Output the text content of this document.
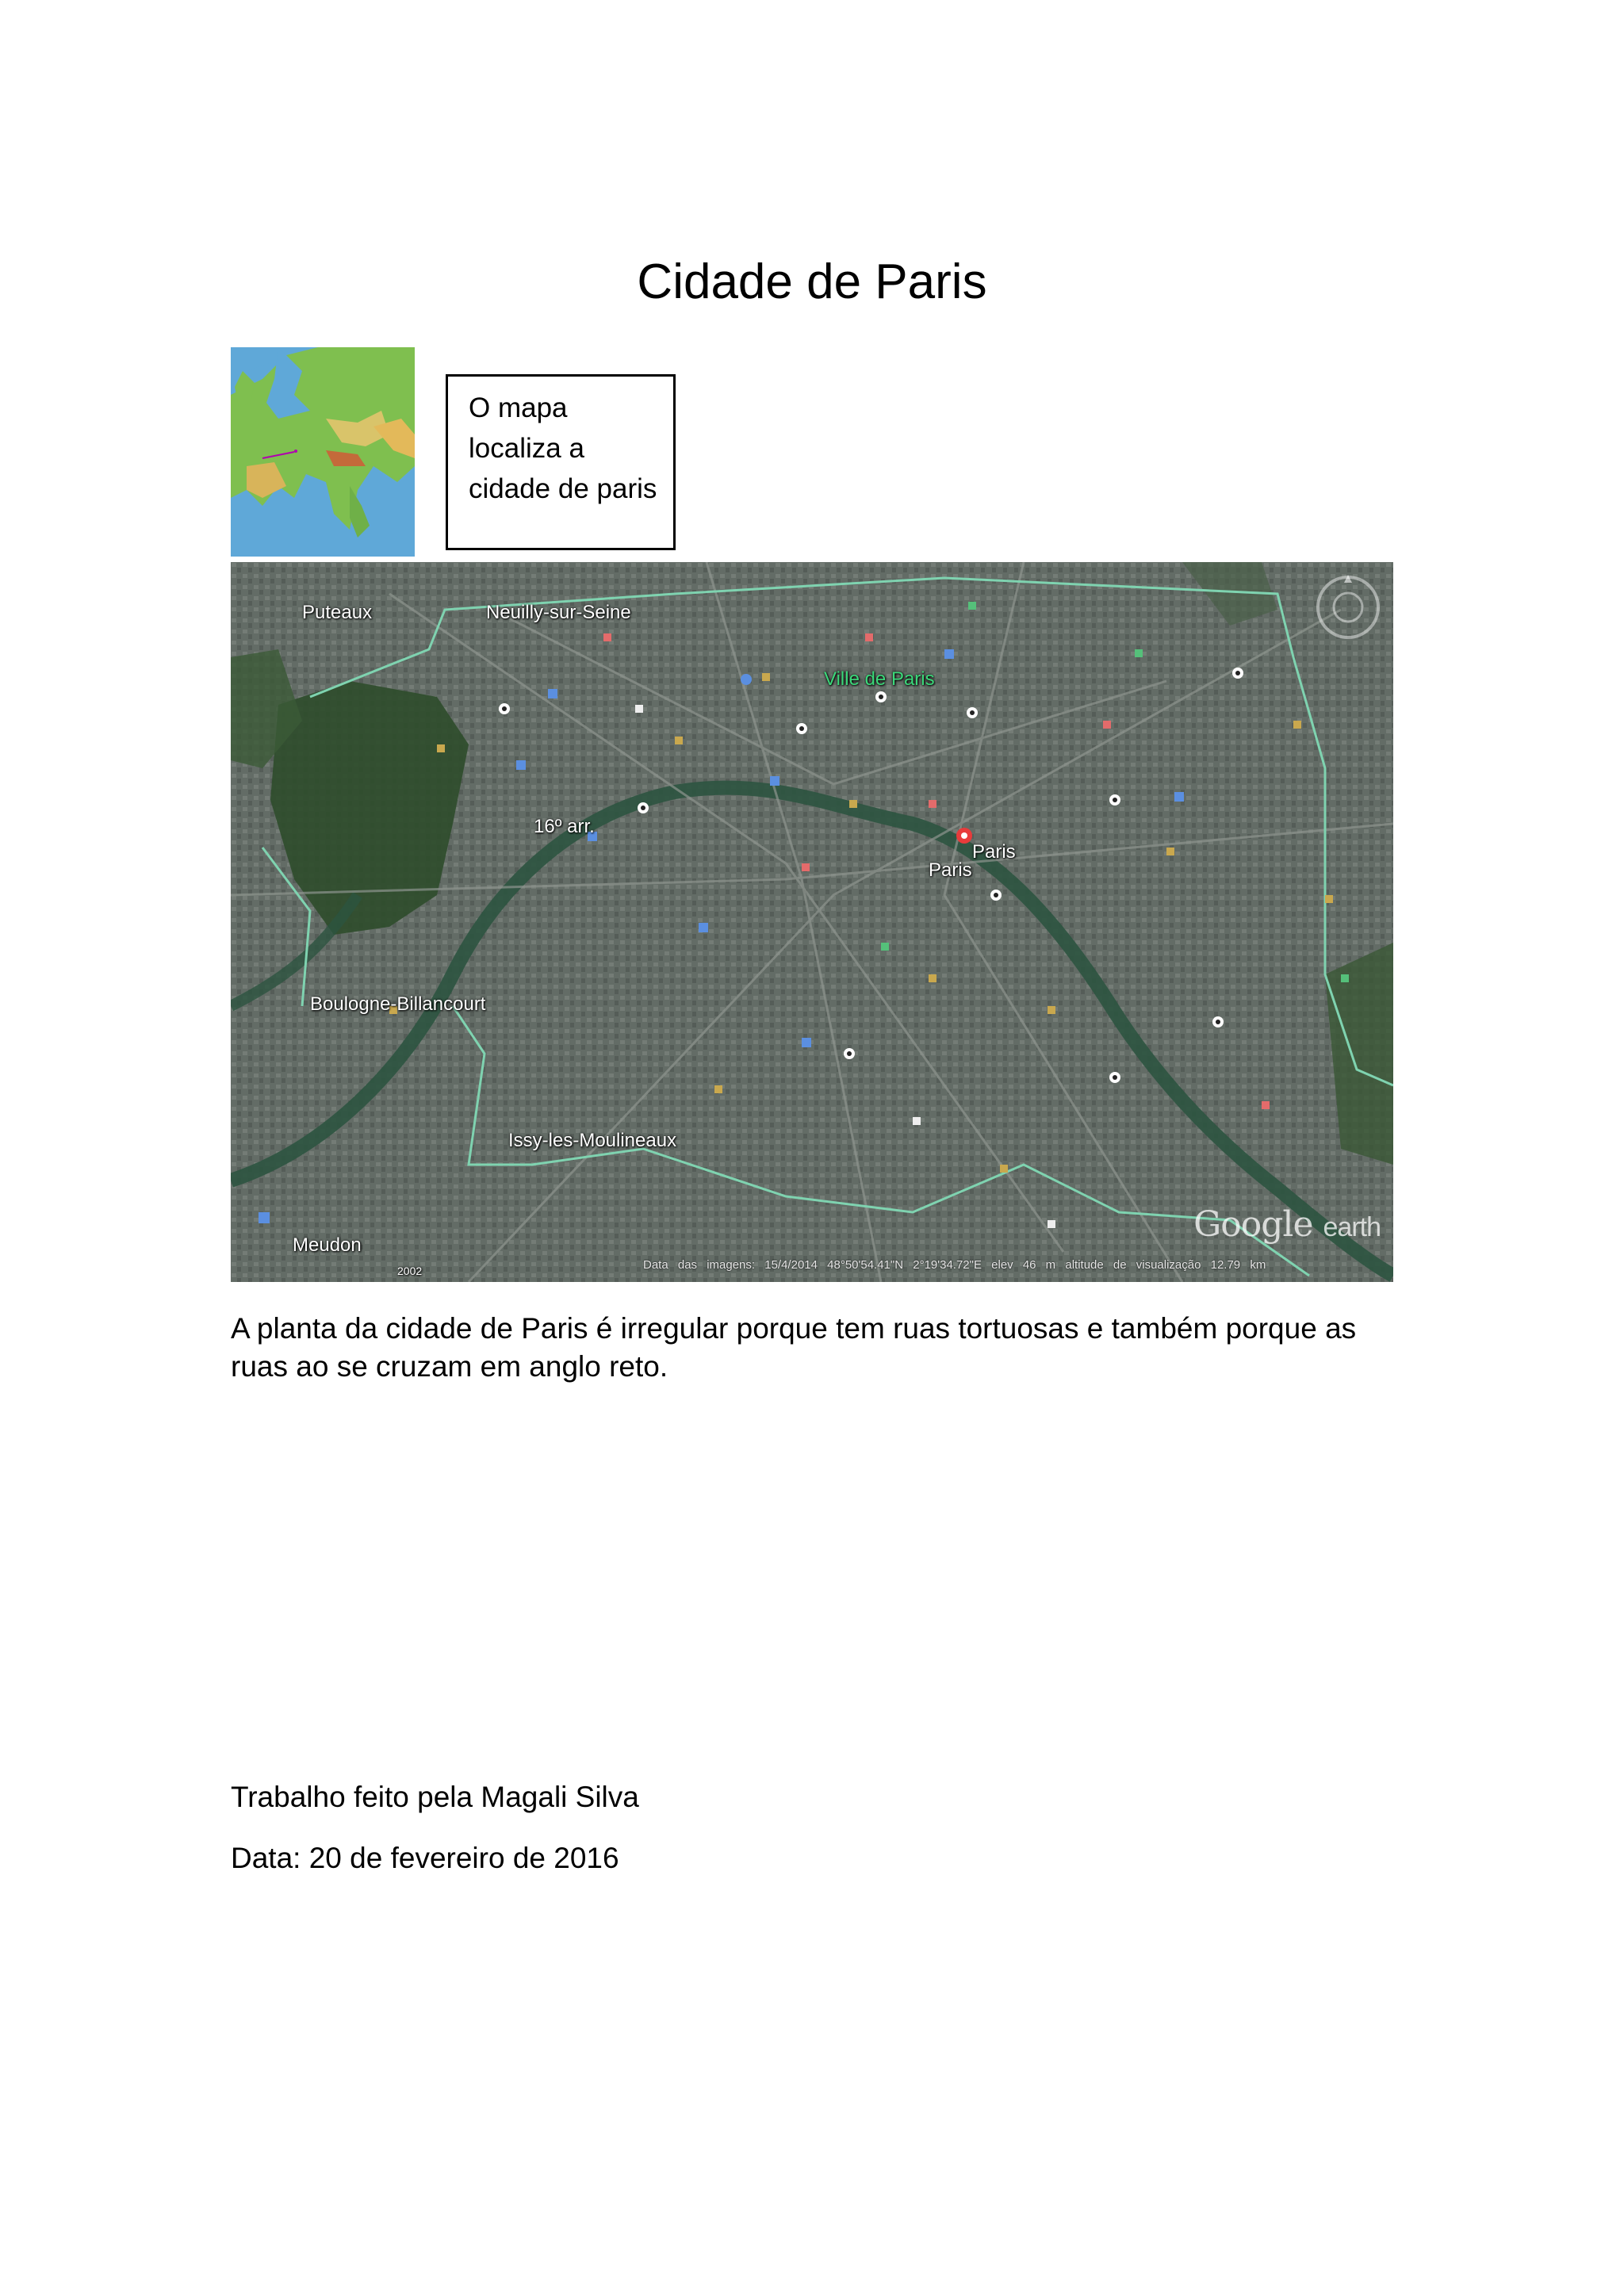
Cidade de Paris
O mapa
localiza a
cidade de paris
Puteaux	Neuilly-sur-Seine
Ville de Paris
16º arr.
Paris
Paris
Boulogne-Billancourt
Issy-les-Moulineaux
Meudon
2002	Data das imagens: 15/4/2014 48°50'54.41"N 2°19'34.72"E elev 46 m altitude de visualização 12.79 km
Google earth
A planta da cidade de Paris é irregular porque tem ruas tortuosas e também porque as ruas ao se cruzam em anglo reto.
Trabalho feito pela Magali Silva
Data: 20 de fevereiro de 2016
